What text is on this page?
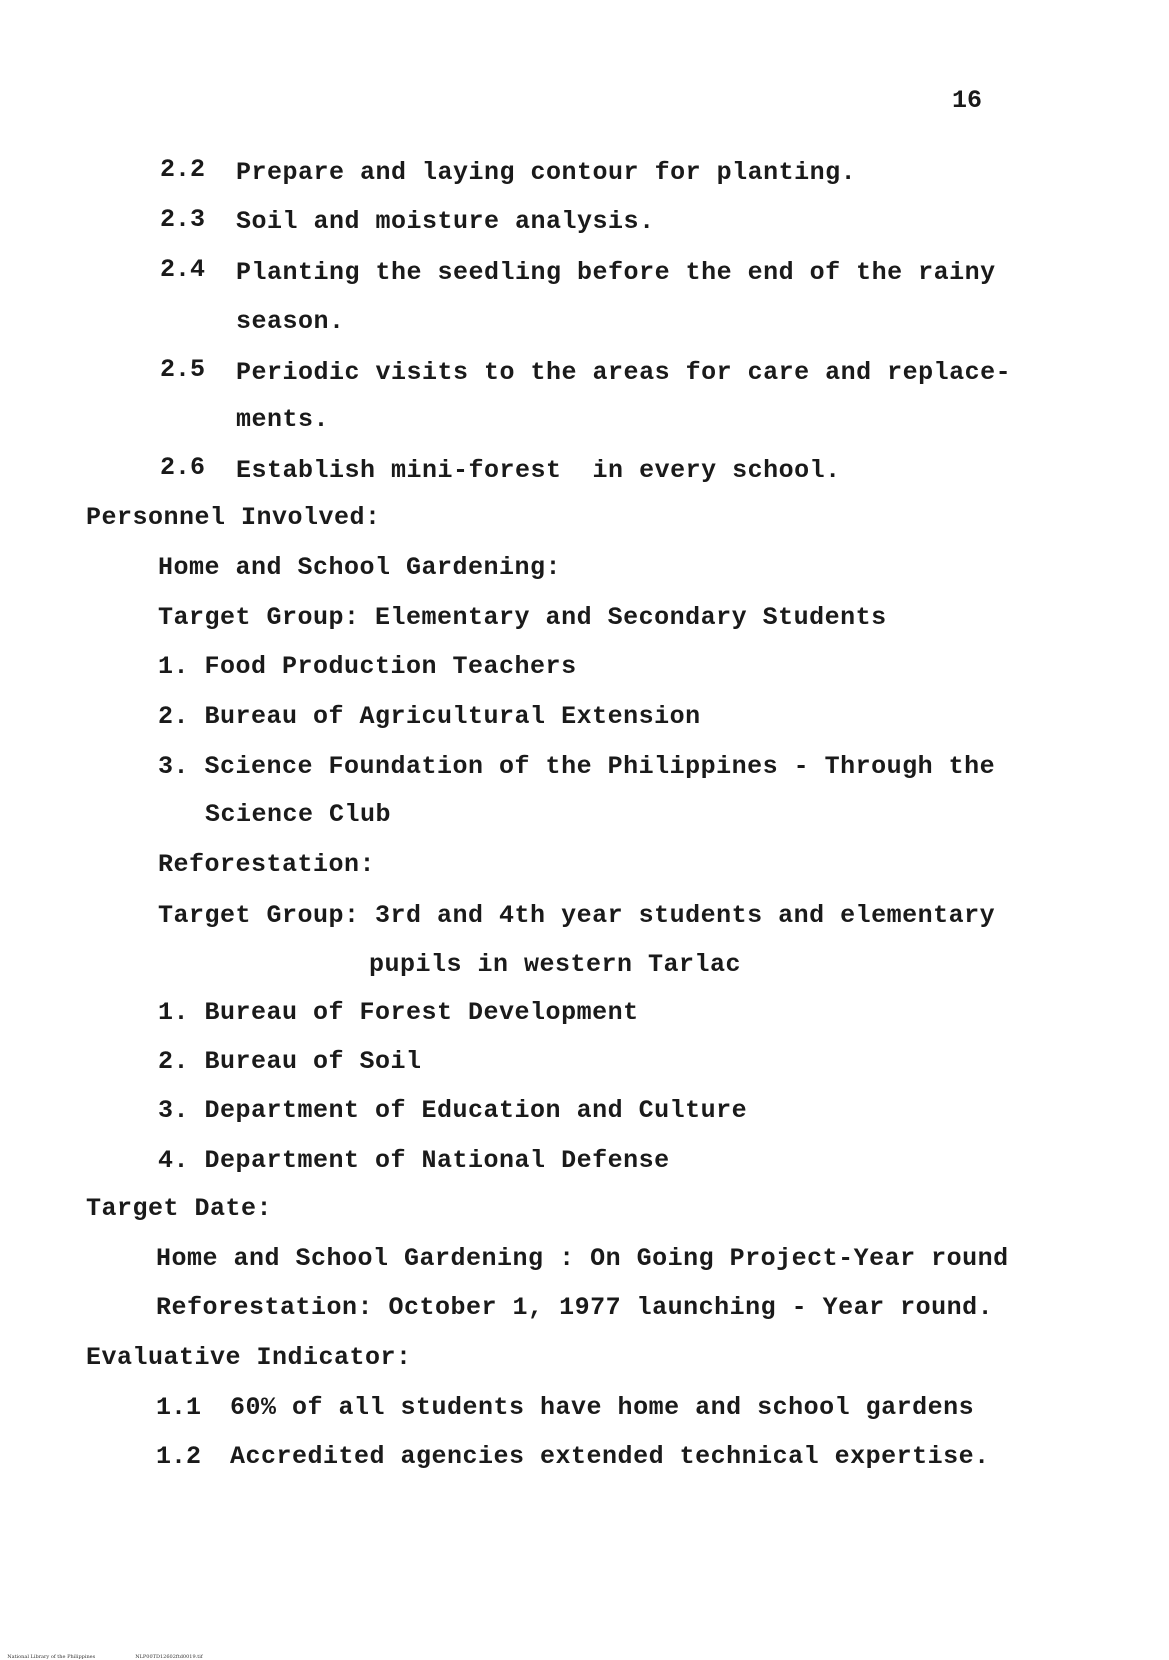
16
2.2 Prepare and laying contour for planting.
2.3 Soil and moisture analysis.
2.4 Planting the seedling before the end of the rainy
season.
2.5 Periodic visits to the areas for care and replace-
ments.
2.6 Establish mini-forest  in every school.
Personnel Involved:
Home and School Gardening:
Target Group: Elementary and Secondary Students
1. Food Production Teachers
2. Bureau of Agricultural Extension
3. Science Foundation of the Philippines - Through the
Science Club
Reforestation:
Target Group: 3rd and 4th year students and elementary
pupils in western Tarlac
1. Bureau of Forest Development
2. Bureau of Soil
3. Department of Education and Culture
4. Department of National Defense
Target Date:
Home and School Gardening : On Going Project-Year round
Reforestation: October 1, 1977 launching - Year round.
Evaluative Indicator:
1.1 60% of all students have home and school gardens
1.2 Accredited agencies extended technical expertise.

National Library of the Philippines	NLP00TD12602ftd0019.tif
